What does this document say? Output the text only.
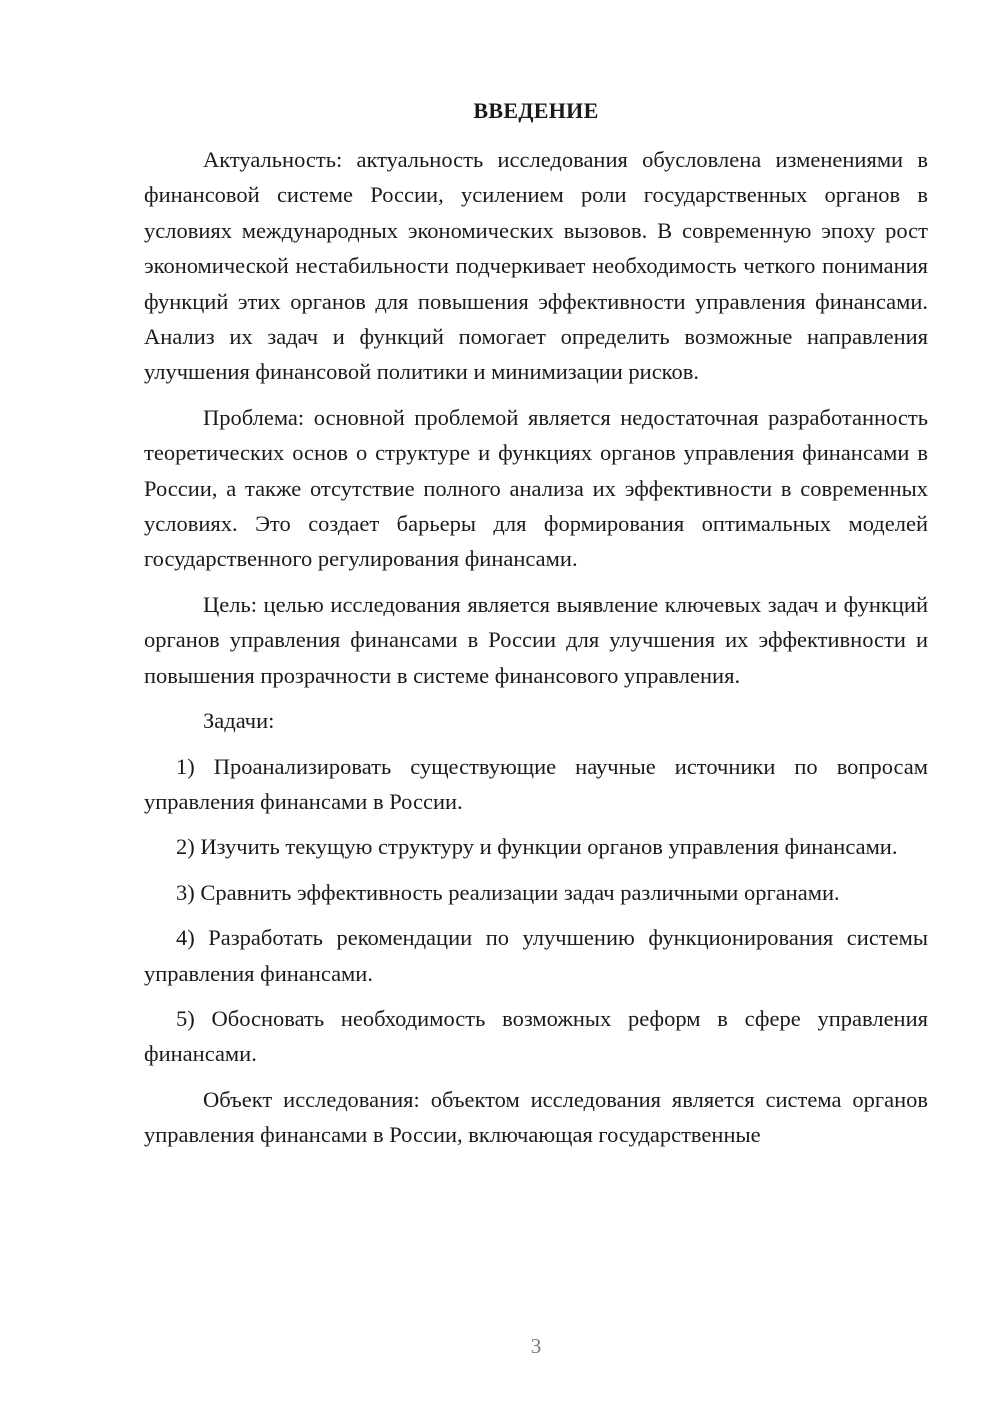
ВВЕДЕНИЕ

Актуальность: актуальность исследования обусловлена изменениями в финансовой системе России, усилением роли государственных органов в условиях международных экономических вызовов. В современную эпоху рост экономической нестабильности подчеркивает необходимость четкого понимания функций этих органов для повышения эффективности управления финансами. Анализ их задач и функций помогает определить возможные направления улучшения финансовой политики и минимизации рисков.

Проблема: основной проблемой является недостаточная разработанность теоретических основ о структуре и функциях органов управления финансами в России, а также отсутствие полного анализа их эффективности в современных условиях. Это создает барьеры для формирования оптимальных моделей государственного регулирования финансами.

Цель: целью исследования является выявление ключевых задач и функций органов управления финансами в России для улучшения их эффективности и повышения прозрачности в системе финансового управления.

Задачи:

1) Проанализировать существующие научные источники по вопросам управления финансами в России.

2) Изучить текущую структуру и функции органов управления финансами.

3) Сравнить эффективность реализации задач различными органами.

4) Разработать рекомендации по улучшению функционирования системы управления финансами.

5) Обосновать необходимость возможных реформ в сфере управления финансами.

Объект исследования: объектом исследования является система органов управления финансами в России, включающая государственные

3
